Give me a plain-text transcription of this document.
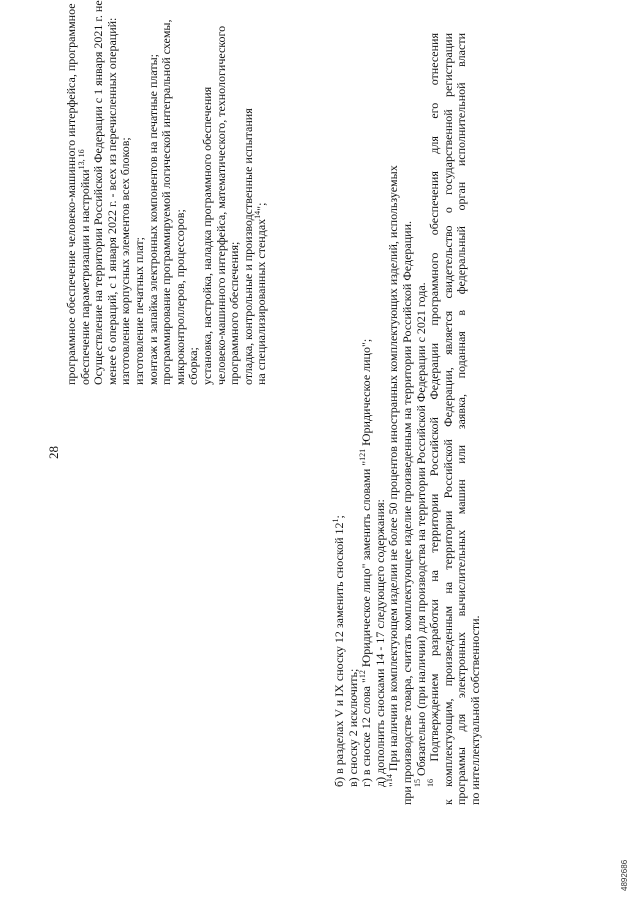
28
программное обеспечение человеко-машинного интерфейса, программное обеспечение параметризации и настройки$^{13, 16}$ Осуществление на территории Российской Федерации с 1 января 2021 г. не менее 6 операций, с 1 января 2022 г. - всех из перечисленных операций: изготовление корпусных элементов всех блоков; изготовление печатных плат; монтаж и запайка электронных компонентов на печатные платы; программирование программируемой логической интегральной схемы, микроконтроллеров, процессоров; сборка; установка, настройка, наладка программного обеспечения человеко-машинного интерфейса, математического, технологического программного обеспечения; отладка, контрольные и производственные испытания на специализированных стендах$^{14}$";
б) в разделах V и IX сноску 12 заменить сноской $12^1$;
в) сноску 2 исключить; г) в сноске 12 слова "$^{12}$ Юридическое лицо" заменить словами "$^{121}$ Юридическое лицо";
д) дополнить сносками 14 - 17 следующего содержания: "$^{14}$ При наличии в комплектующем изделии не более 50 процентов иностранных комплектующих изделий, используемых при производстве товара, считать комплектующее изделие произведенным на территории Российской Федерации.
$^{15}$ Обязательно (при наличии) для производства на территории Российской Федерации с 2021 года.
$^{16}$ Подтверждением разработки на территории Российской Федерации программного обеспечения для его отнесения к комплектующим, произведенным на территории Российской Федерации, является свидетельство о государственной регистрации программы для электронных вычислительных машин или заявка, поданная в федеральный орган исполнительной власти по интеллектуальной собственности.
4892686
